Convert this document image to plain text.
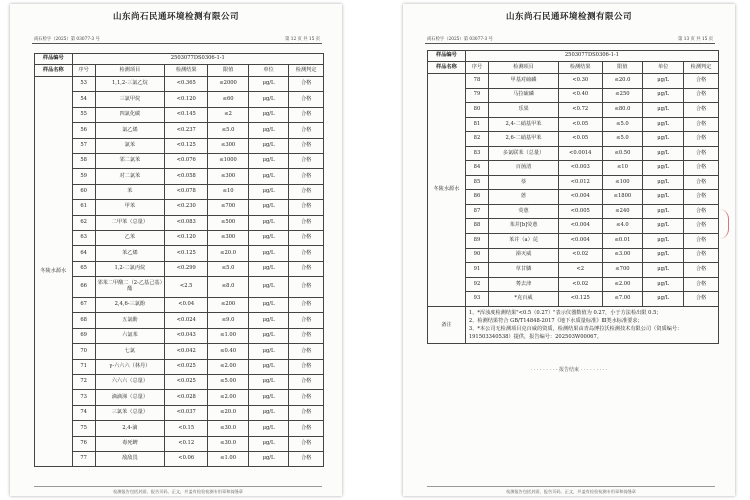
山东尚石民通环境检测有限公司
尚石检字（2025）第 03077-3 号	第 12 页 共 15 页
样品编号	2503077DS0306-1-1					
样品名称	序号	检测项目	检测结果	限值	单位	检测判定
冬陵水源水	53	1,1,2-三氯乙烷	<0.365	≤2000	μg/L	合格
	54	三氯甲烷	<0.120	≤60	μg/L	合格
	55	四氯化碳	<0.145	≤2	μg/L	合格
	56	氯乙烯	<0.237	≤5.0	μg/L	合格
	57	氯苯	<0.125	≤300	μg/L	合格
	58	邻二氯苯	<0.076	≤1000	μg/L	合格
	59	对二氯苯	<0.058	≤300	μg/L	合格
	60	苯	<0.078	≤10	μg/L	合格
	61	甲苯	<0.230	≤700	μg/L	合格
	62	二甲苯（总量）	<0.083	≤500	μg/L	合格
	63	乙苯	<0.120	≤300	μg/L	合格
	64	苯乙烯	<0.125	≤20.0	μg/L	合格
	65	1,2-二氯丙烷	<0.299	≤5.0	μg/L	合格
	66	邻苯二甲酸二（2-乙基己基）酯	<2.5	≤8.0	μg/L	合格
	67	2,4,6-三氯酚	<0.04	≤200	μg/L	合格
	68	五氯酚	<0.024	≤9.0	μg/L	合格
	69	六氯苯	<0.043	≤1.00	μg/L	合格
	70	七氯	<0.042	≤0.40	μg/L	合格
	71	γ-六六六（林丹）	<0.025	≤2.00	μg/L	合格
	72	六六六（总量）	<0.025	≤5.00	μg/L	合格
	73	滴滴涕（总量）	<0.028	≤2.00	μg/L	合格
	74	三氯苯（总量）	<0.037	≤20.0	μg/L	合格
	75	2,4-滴	<0.15	≤30.0	μg/L	合格
	76	毒死蜱	<0.12	≤30.0	μg/L	合格
	77	敌敌畏	<0.06	≤1.00	μg/L	合格
检测报告包括封面、报告页码、正文，并盖有检验检测专用章和骑缝章
山东尚石民通环境检测有限公司
尚石检字（2025）第 03077-3 号	第 13 页 共 15 页
样品编号	2503077DS0306-1-1					
样品名称	序号	检测项目	检测结果	限值	单位	检测判定
冬陵水源水	78	甲基对硫磷	<0.30	≤20.0	μg/L	合格
	79	马拉硫磷	<0.40	≤250	μg/L	合格
	80	乐果	<0.72	≤80.0	μg/L	合格
	81	2,4-二硝基甲苯	<0.05	≤5.0	μg/L	合格
	82	2,6-二硝基甲苯	<0.05	≤5.0	μg/L	合格
	83	多氯联苯（总量）	<0.0014	≤0.50	μg/L	合格
	84	百菌清	<0.003	≤10	μg/L	合格
	85	萘	<0.012	≤100	μg/L	合格
	86	蒽	<0.004	≤1800	μg/L	合格
	87	荧蒽	<0.005	≤240	μg/L	合格
	88	苯并[b]荧蒽	<0.004	≤4.0	μg/L	合格
	89	苯并（a）芘	<0.004	≤0.01	μg/L	合格
	90	涕灭威	<0.02	≤3.00	μg/L	合格
	91	草甘膦	<2	≤700	μg/L	合格
	92	莠去津	<0.02	≤2.00	μg/L	合格
	93	*克百威	<0.125	≤7.00	μg/L	合格
备注	1、*浑浊度检测结果"<0.5（0.27）"表示仪器数值为 0.27，小于方法检出限 0.5；
2、检测结果符合 GB/T14848-2017《地下水质量标准》Ⅲ类水标准要求；
3、*本公司无检测项目克百威的资质，检测结果由青岛博拉沃检测技术有限公司（资质编号：191503340538）提供，报告编号：202503W00067。					
· · · · · · · · · 报告结束 · · · · · · · · ·
检测报告包括封面、报告页码、正文，并盖有检验检测专用章和骑缝章
